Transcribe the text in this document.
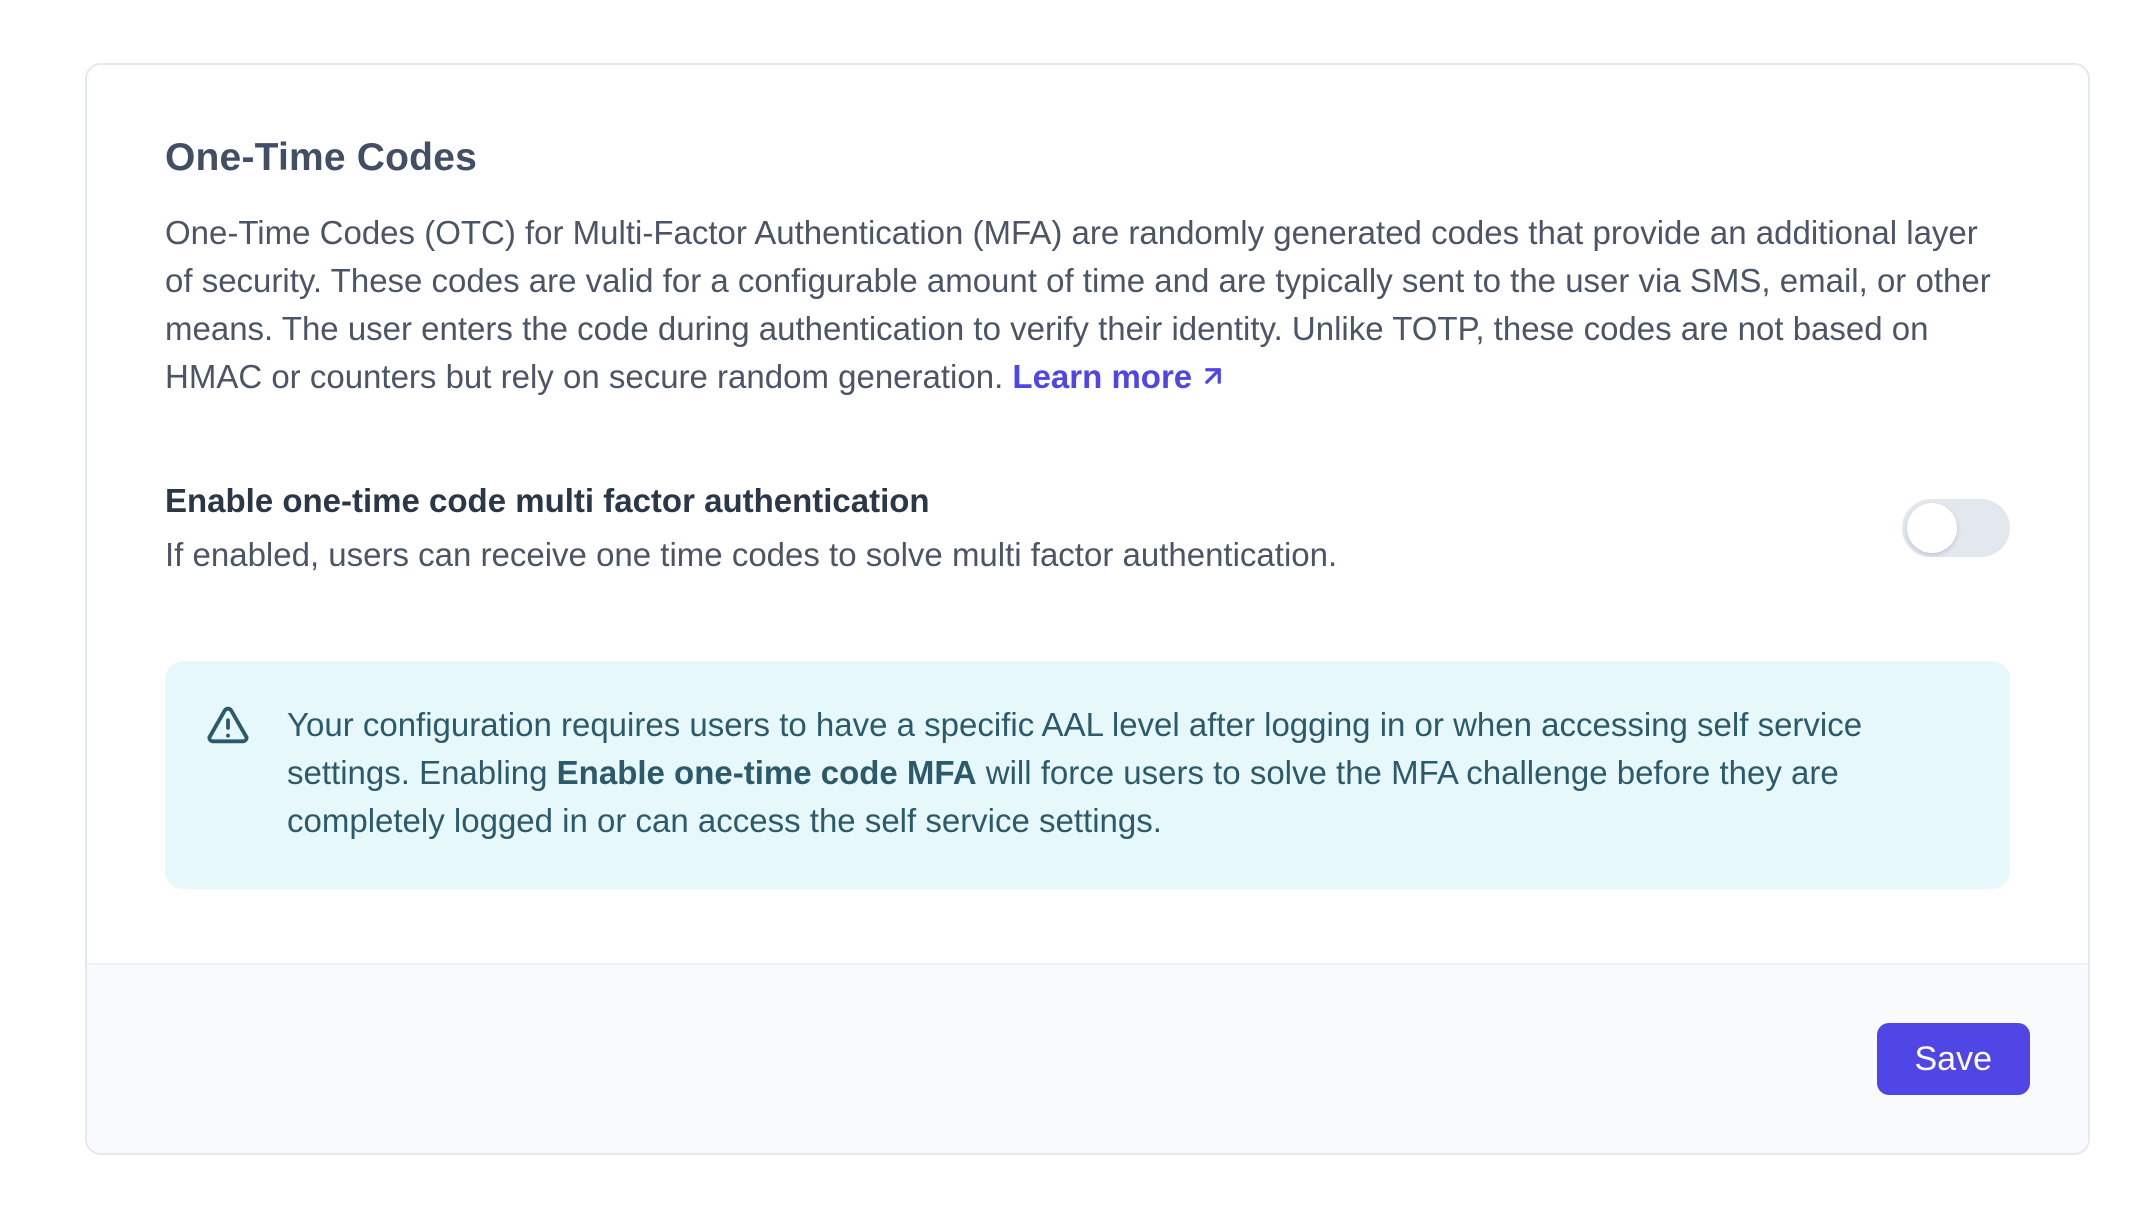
One-Time Codes

One-Time Codes (OTC) for Multi-Factor Authentication (MFA) are randomly generated codes that provide an additional layer of security. These codes are valid for a configurable amount of time and are typically sent to the user via SMS, email, or other means. The user enters the code during authentication to verify their identity. Unlike TOTP, these codes are not based on HMAC or counters but rely on secure random generation. Learn more

Enable one-time code multi factor authentication
If enabled, users can receive one time codes to solve multi factor authentication.

Your configuration requires users to have a specific AAL level after logging in or when accessing self service settings. Enabling Enable one-time code MFA will force users to solve the MFA challenge before they are completely logged in or can access the self service settings.

Save
